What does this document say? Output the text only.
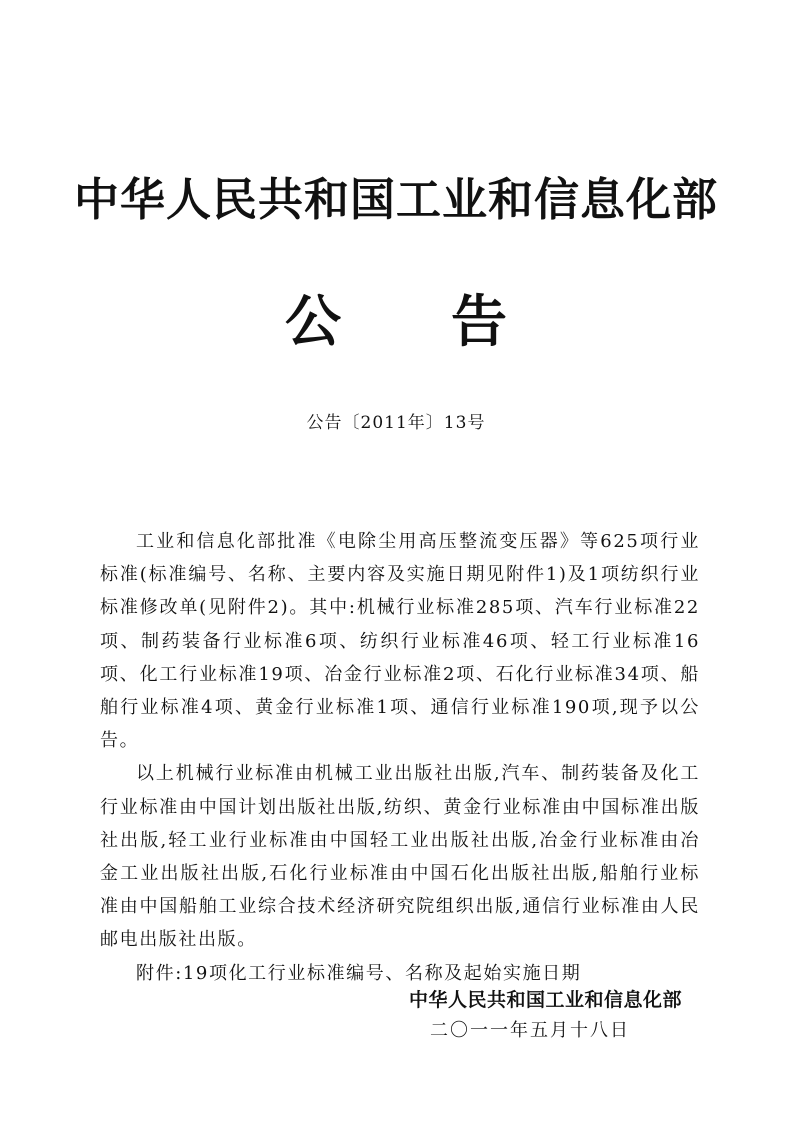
中华人民共和国工业和信息化部
公 告
公告〔2011年〕13号

工业和信息化部批准《电除尘用高压整流变压器》等625项行业标准(标准编号、名称、主要内容及实施日期见附件1)及1项纺织行业标准修改单(见附件2)。其中:机械行业标准285项、汽车行业标准22项、制药装备行业标准6项、纺织行业标准46项、轻工行业标准16项、化工行业标准19项、冶金行业标准2项、石化行业标准34项、船舶行业标准4项、黄金行业标准1项、通信行业标准190项,现予以公告。

以上机械行业标准由机械工业出版社出版,汽车、制药装备及化工行业标准由中国计划出版社出版,纺织、黄金行业标准由中国标准出版社出版,轻工业行业标准由中国轻工业出版社出版,冶金行业标准由冶金工业出版社出版,石化行业标准由中国石化出版社出版,船舶行业标准由中国船舶工业综合技术经济研究院组织出版,通信行业标准由人民邮电出版社出版。

附件:19项化工行业标准编号、名称及起始实施日期

中华人民共和国工业和信息化部
二〇一一年五月十八日
